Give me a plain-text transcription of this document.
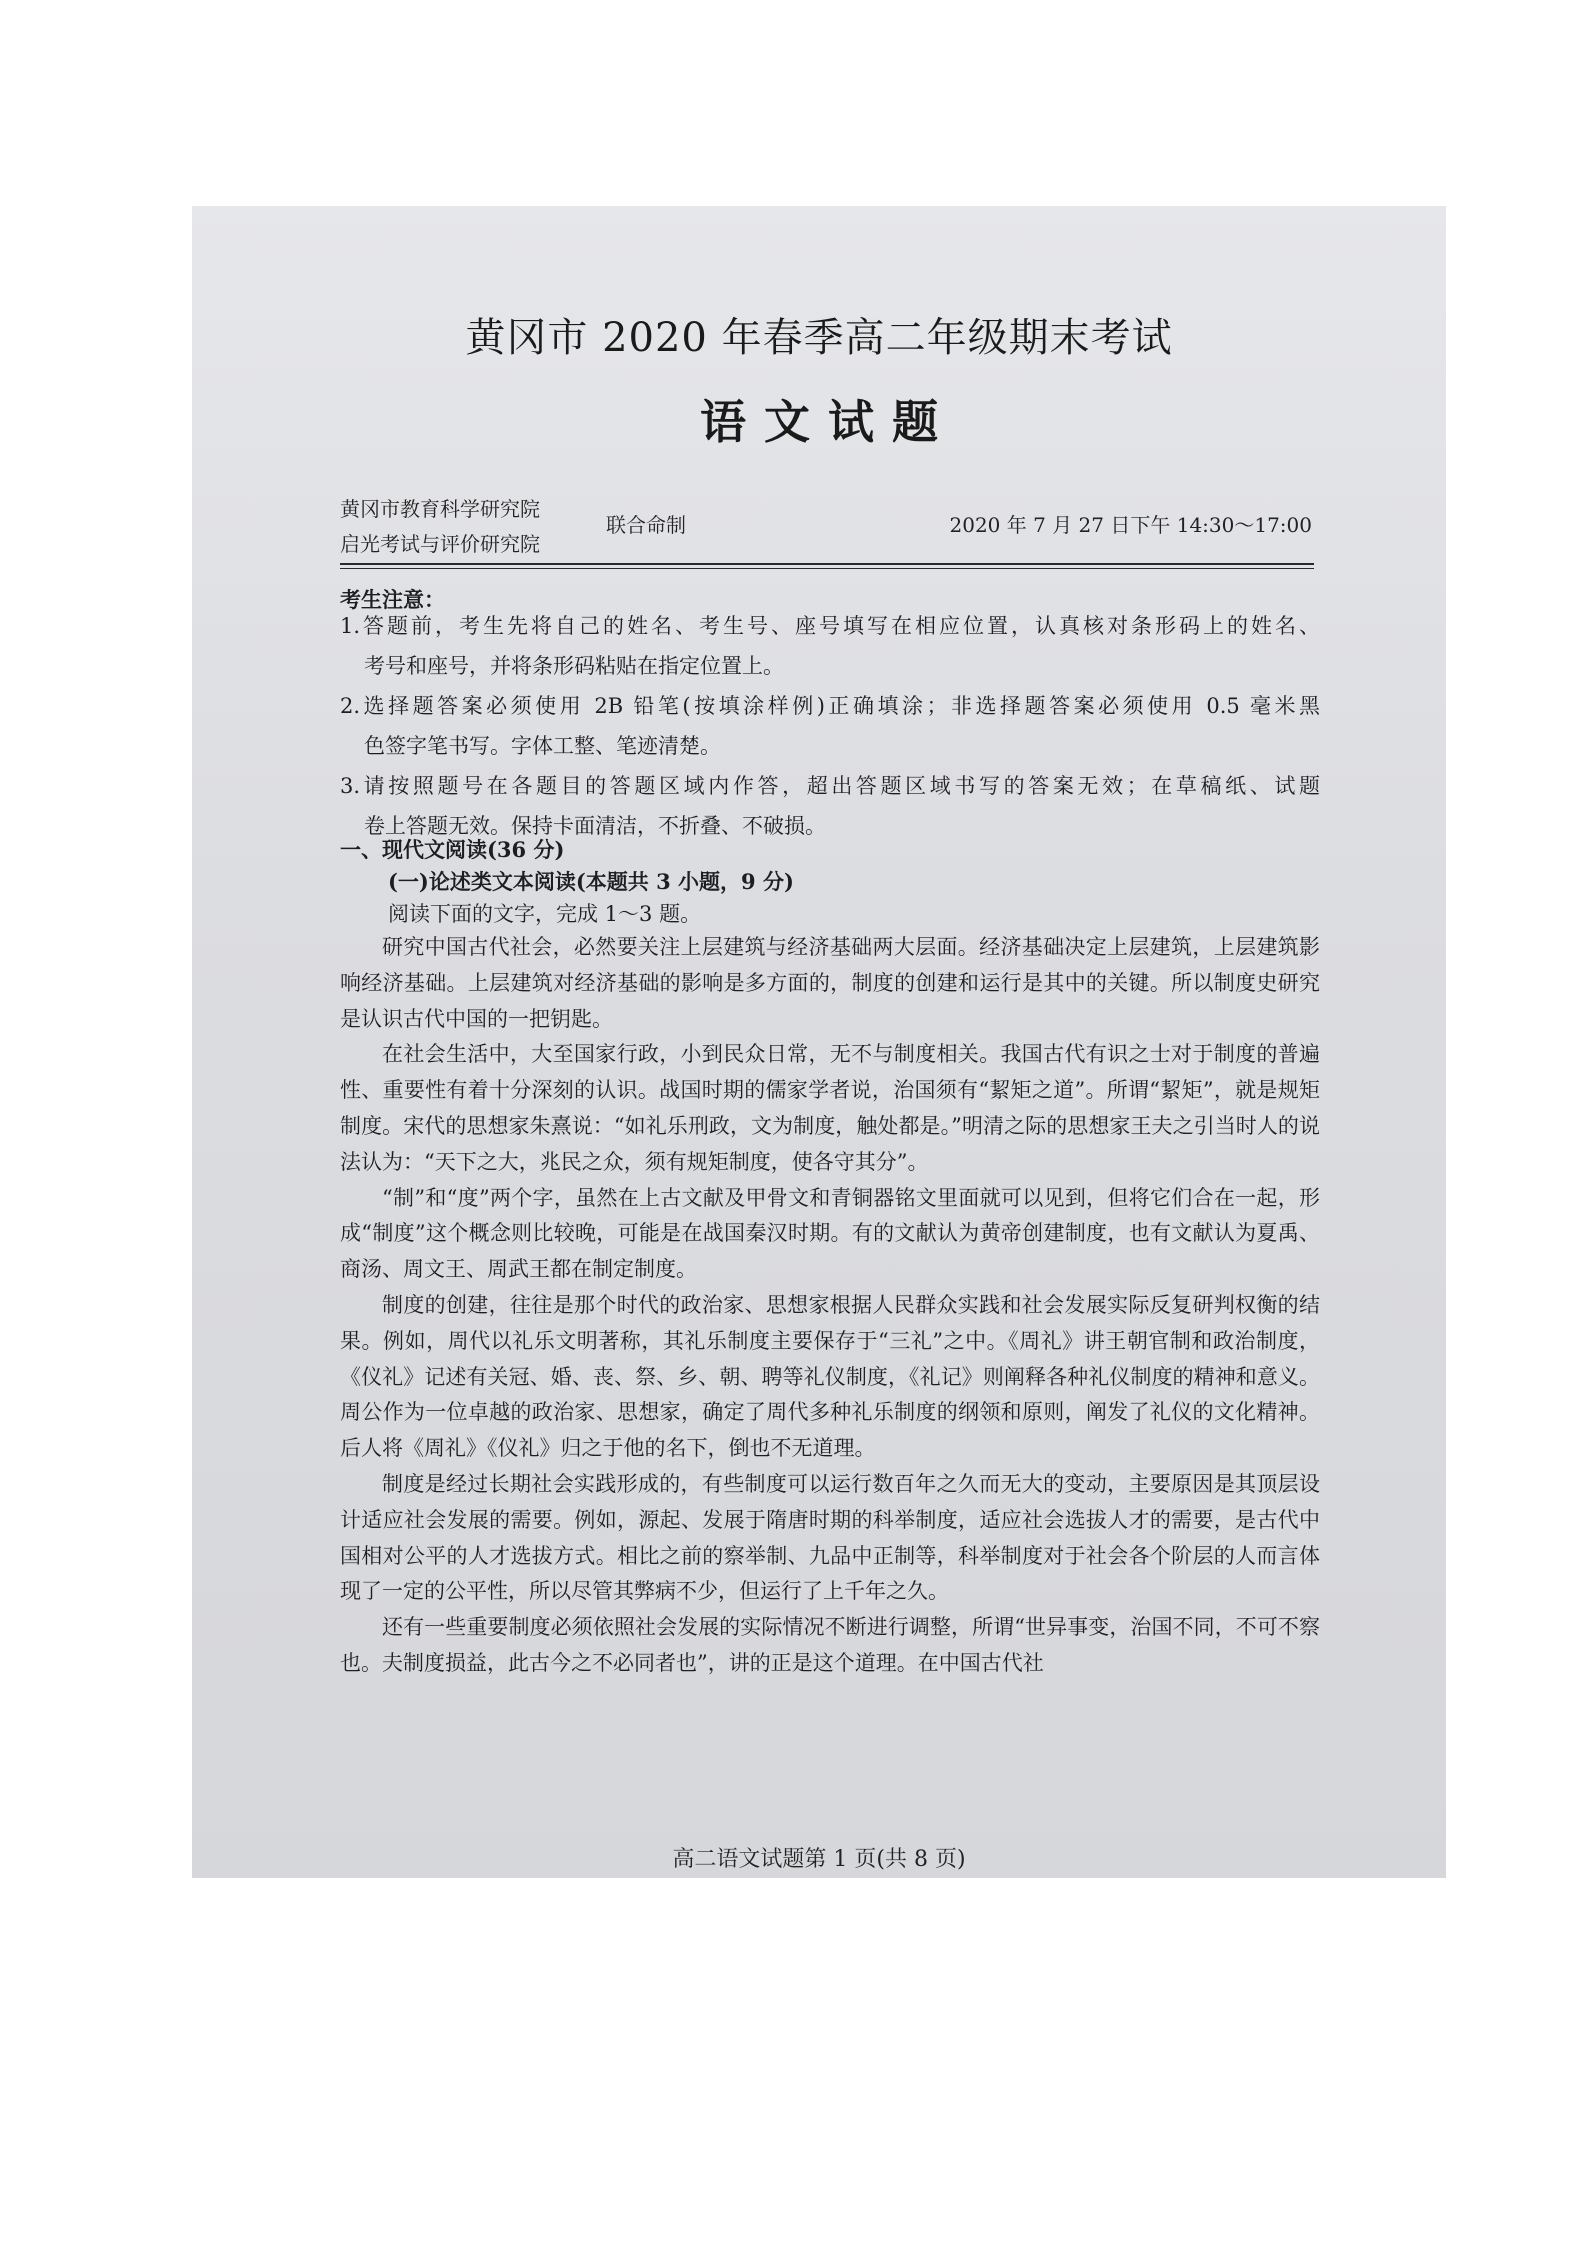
黄冈市 2020 年春季高二年级期末考试
语文试题
黄冈市教育科学研究院
启光考试与评价研究院
联合命制	2020 年 7 月 27 日下午 14:30～17:00
考生注意：
1.答题前，考生先将自己的姓名、考生号、座号填写在相应位置，认真核对条形码上的姓名、
考号和座号，并将条形码粘贴在指定位置上。
2.选择题答案必须使用 2B 铅笔(按填涂样例)正确填涂；非选择题答案必须使用 0.5 毫米黑
色签字笔书写。字体工整、笔迹清楚。
3.请按照题号在各题目的答题区域内作答，超出答题区域书写的答案无效；在草稿纸、试题
卷上答题无效。保持卡面清洁，不折叠、不破损。
一、现代文阅读(36 分)
(一)论述类文本阅读(本题共 3 小题，9 分)
阅读下面的文字，完成 1～3 题。

研究中国古代社会，必然要关注上层建筑与经济基础两大层面。经济基础决定上层建筑，上层建筑影响经济基础。上层建筑对经济基础的影响是多方面的，制度的创建和运行是其中的关键。所以制度史研究是认识古代中国的一把钥匙。

在社会生活中，大至国家行政，小到民众日常，无不与制度相关。我国古代有识之士对于制度的普遍性、重要性有着十分深刻的认识。战国时期的儒家学者说，治国须有“絜矩之道”。所谓“絜矩”，就是规矩制度。宋代的思想家朱熹说：“如礼乐刑政，文为制度，触处都是。”明清之际的思想家王夫之引当时人的说法认为：“天下之大，兆民之众，须有规矩制度，使各守其分”。

“制”和“度”两个字，虽然在上古文献及甲骨文和青铜器铭文里面就可以见到，但将它们合在一起，形成“制度”这个概念则比较晚，可能是在战国秦汉时期。有的文献认为黄帝创建制度，也有文献认为夏禹、商汤、周文王、周武王都在制定制度。

制度的创建，往往是那个时代的政治家、思想家根据人民群众实践和社会发展实际反复研判权衡的结果。例如，周代以礼乐文明著称，其礼乐制度主要保存于“三礼”之中。《周礼》讲王朝官制和政治制度，《仪礼》记述有关冠、婚、丧、祭、乡、朝、聘等礼仪制度，《礼记》则阐释各种礼仪制度的精神和意义。周公作为一位卓越的政治家、思想家，确定了周代多种礼乐制度的纲领和原则，阐发了礼仪的文化精神。后人将《周礼》《仪礼》归之于他的名下，倒也不无道理。

制度是经过长期社会实践形成的，有些制度可以运行数百年之久而无大的变动，主要原因是其顶层设计适应社会发展的需要。例如，源起、发展于隋唐时期的科举制度，适应社会选拔人才的需要，是古代中国相对公平的人才选拔方式。相比之前的察举制、九品中正制等，科举制度对于社会各个阶层的人而言体现了一定的公平性，所以尽管其弊病不少，但运行了上千年之久。

还有一些重要制度必须依照社会发展的实际情况不断进行调整，所谓“世异事变，治国不同，不可不察也。夫制度损益，此古今之不必同者也”，讲的正是这个道理。在中国古代社

高二语文试题第 1 页(共 8 页)
